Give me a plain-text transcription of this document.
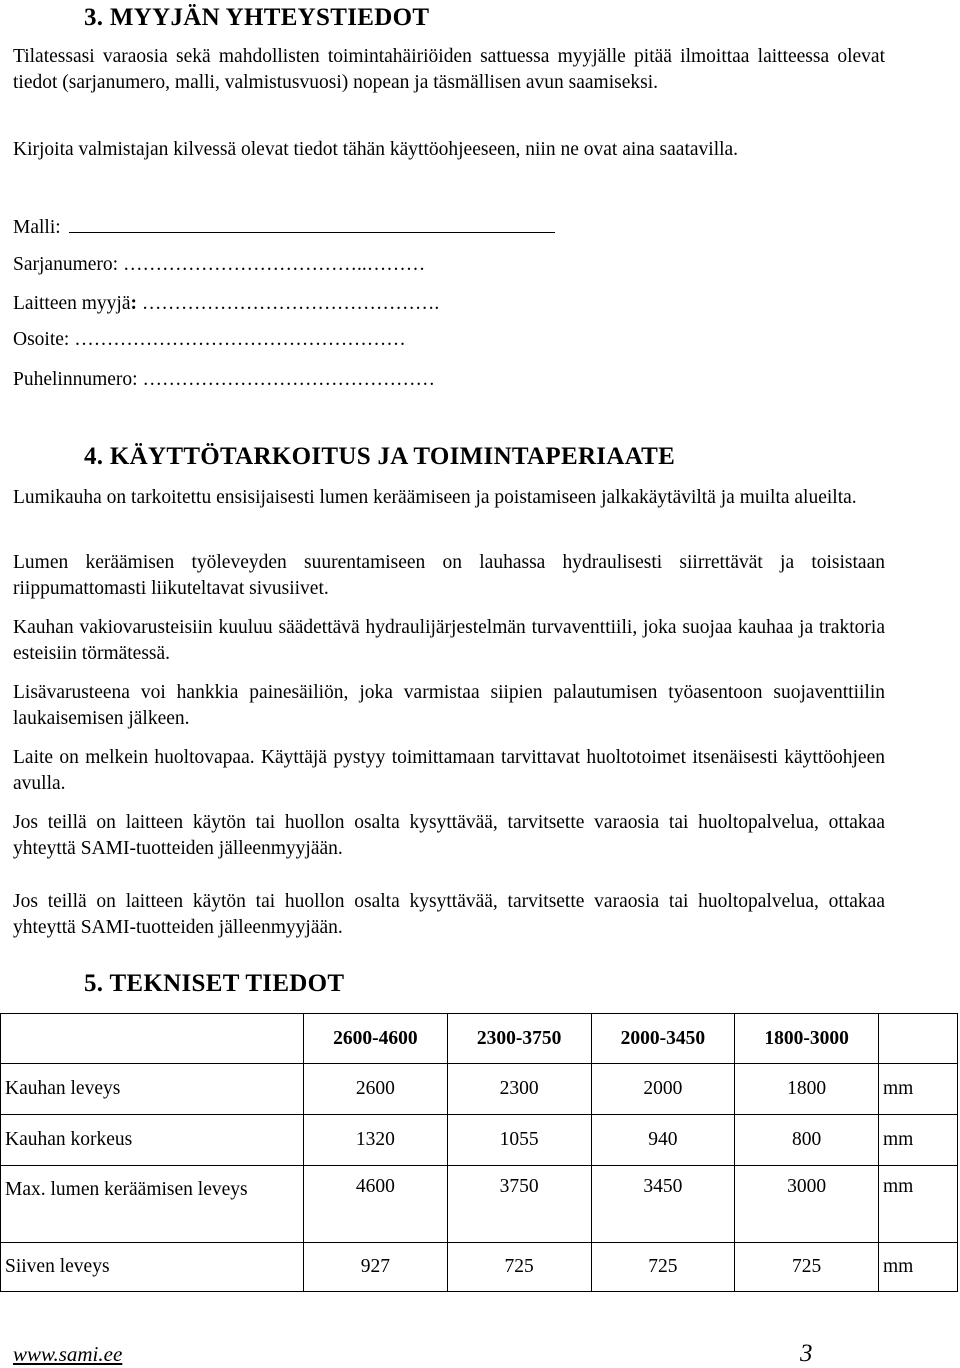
3. MYYJÄN YHTEYSTIEDOT
Tilatessasi varaosia sekä mahdollisten toimintahäiriöiden sattuessa myyjälle pitää ilmoittaa laitteessa olevat tiedot (sarjanumero, malli, valmistusvuosi) nopean ja täsmällisen avun saamiseksi.
Kirjoita valmistajan kilvessä olevat tiedot tähän käyttöohjeeseen, niin ne ovat aina saatavilla.
Malli:
Sarjanumero: ………………………………..………
Laitteen myyjä: ……………………………………….
Osoite: ……………………………………………
Puhelinnumero: ………………………………………
4. KÄYTTÖTARKOITUS JA TOIMINTAPERIAATE
Lumikauha on tarkoitettu ensisijaisesti lumen keräämiseen ja poistamiseen jalkakäytäviltä ja muilta alueilta.
Lumen keräämisen työleveyden suurentamiseen on lauhassa hydraulisesti siirrettävät ja toisistaan riippumattomasti liikuteltavat sivusiivet.
Kauhan vakiovarusteisiin kuuluu säädettävä hydraulijärjestelmän turvaventtiili, joka suojaa kauhaa ja traktoria esteisiin törmätessä.
Lisävarusteena voi hankkia painesäiliön, joka varmistaa siipien palautumisen työasentoon suojaventtiilin laukaisemisen jälkeen.
Laite on melkein huoltovapaa. Käyttäjä pystyy toimittamaan tarvittavat huoltotoimet itsenäisesti käyttöohjeen avulla.
Jos teillä on laitteen käytön tai huollon osalta kysyttävää, tarvitsette varaosia tai huoltopalvelua, ottakaa yhteyttä SAMI-tuotteiden jälleenmyyjään.
Jos teillä on laitteen käytön tai huollon osalta kysyttävää, tarvitsette varaosia tai huoltopalvelua, ottakaa yhteyttä SAMI-tuotteiden jälleenmyyjään.
5. TEKNISET TIEDOT
	2600-4600	2300-3750	2000-3450	1800-3000	
Kauhan leveys	2600	2300	2000	1800	mm
Kauhan korkeus	1320	1055	940	800	mm
Max. lumen keräämisen leveys	4600	3750	3450	3000	mm
Siiven leveys	927	725	725	725	mm
www.sami.ee	3
